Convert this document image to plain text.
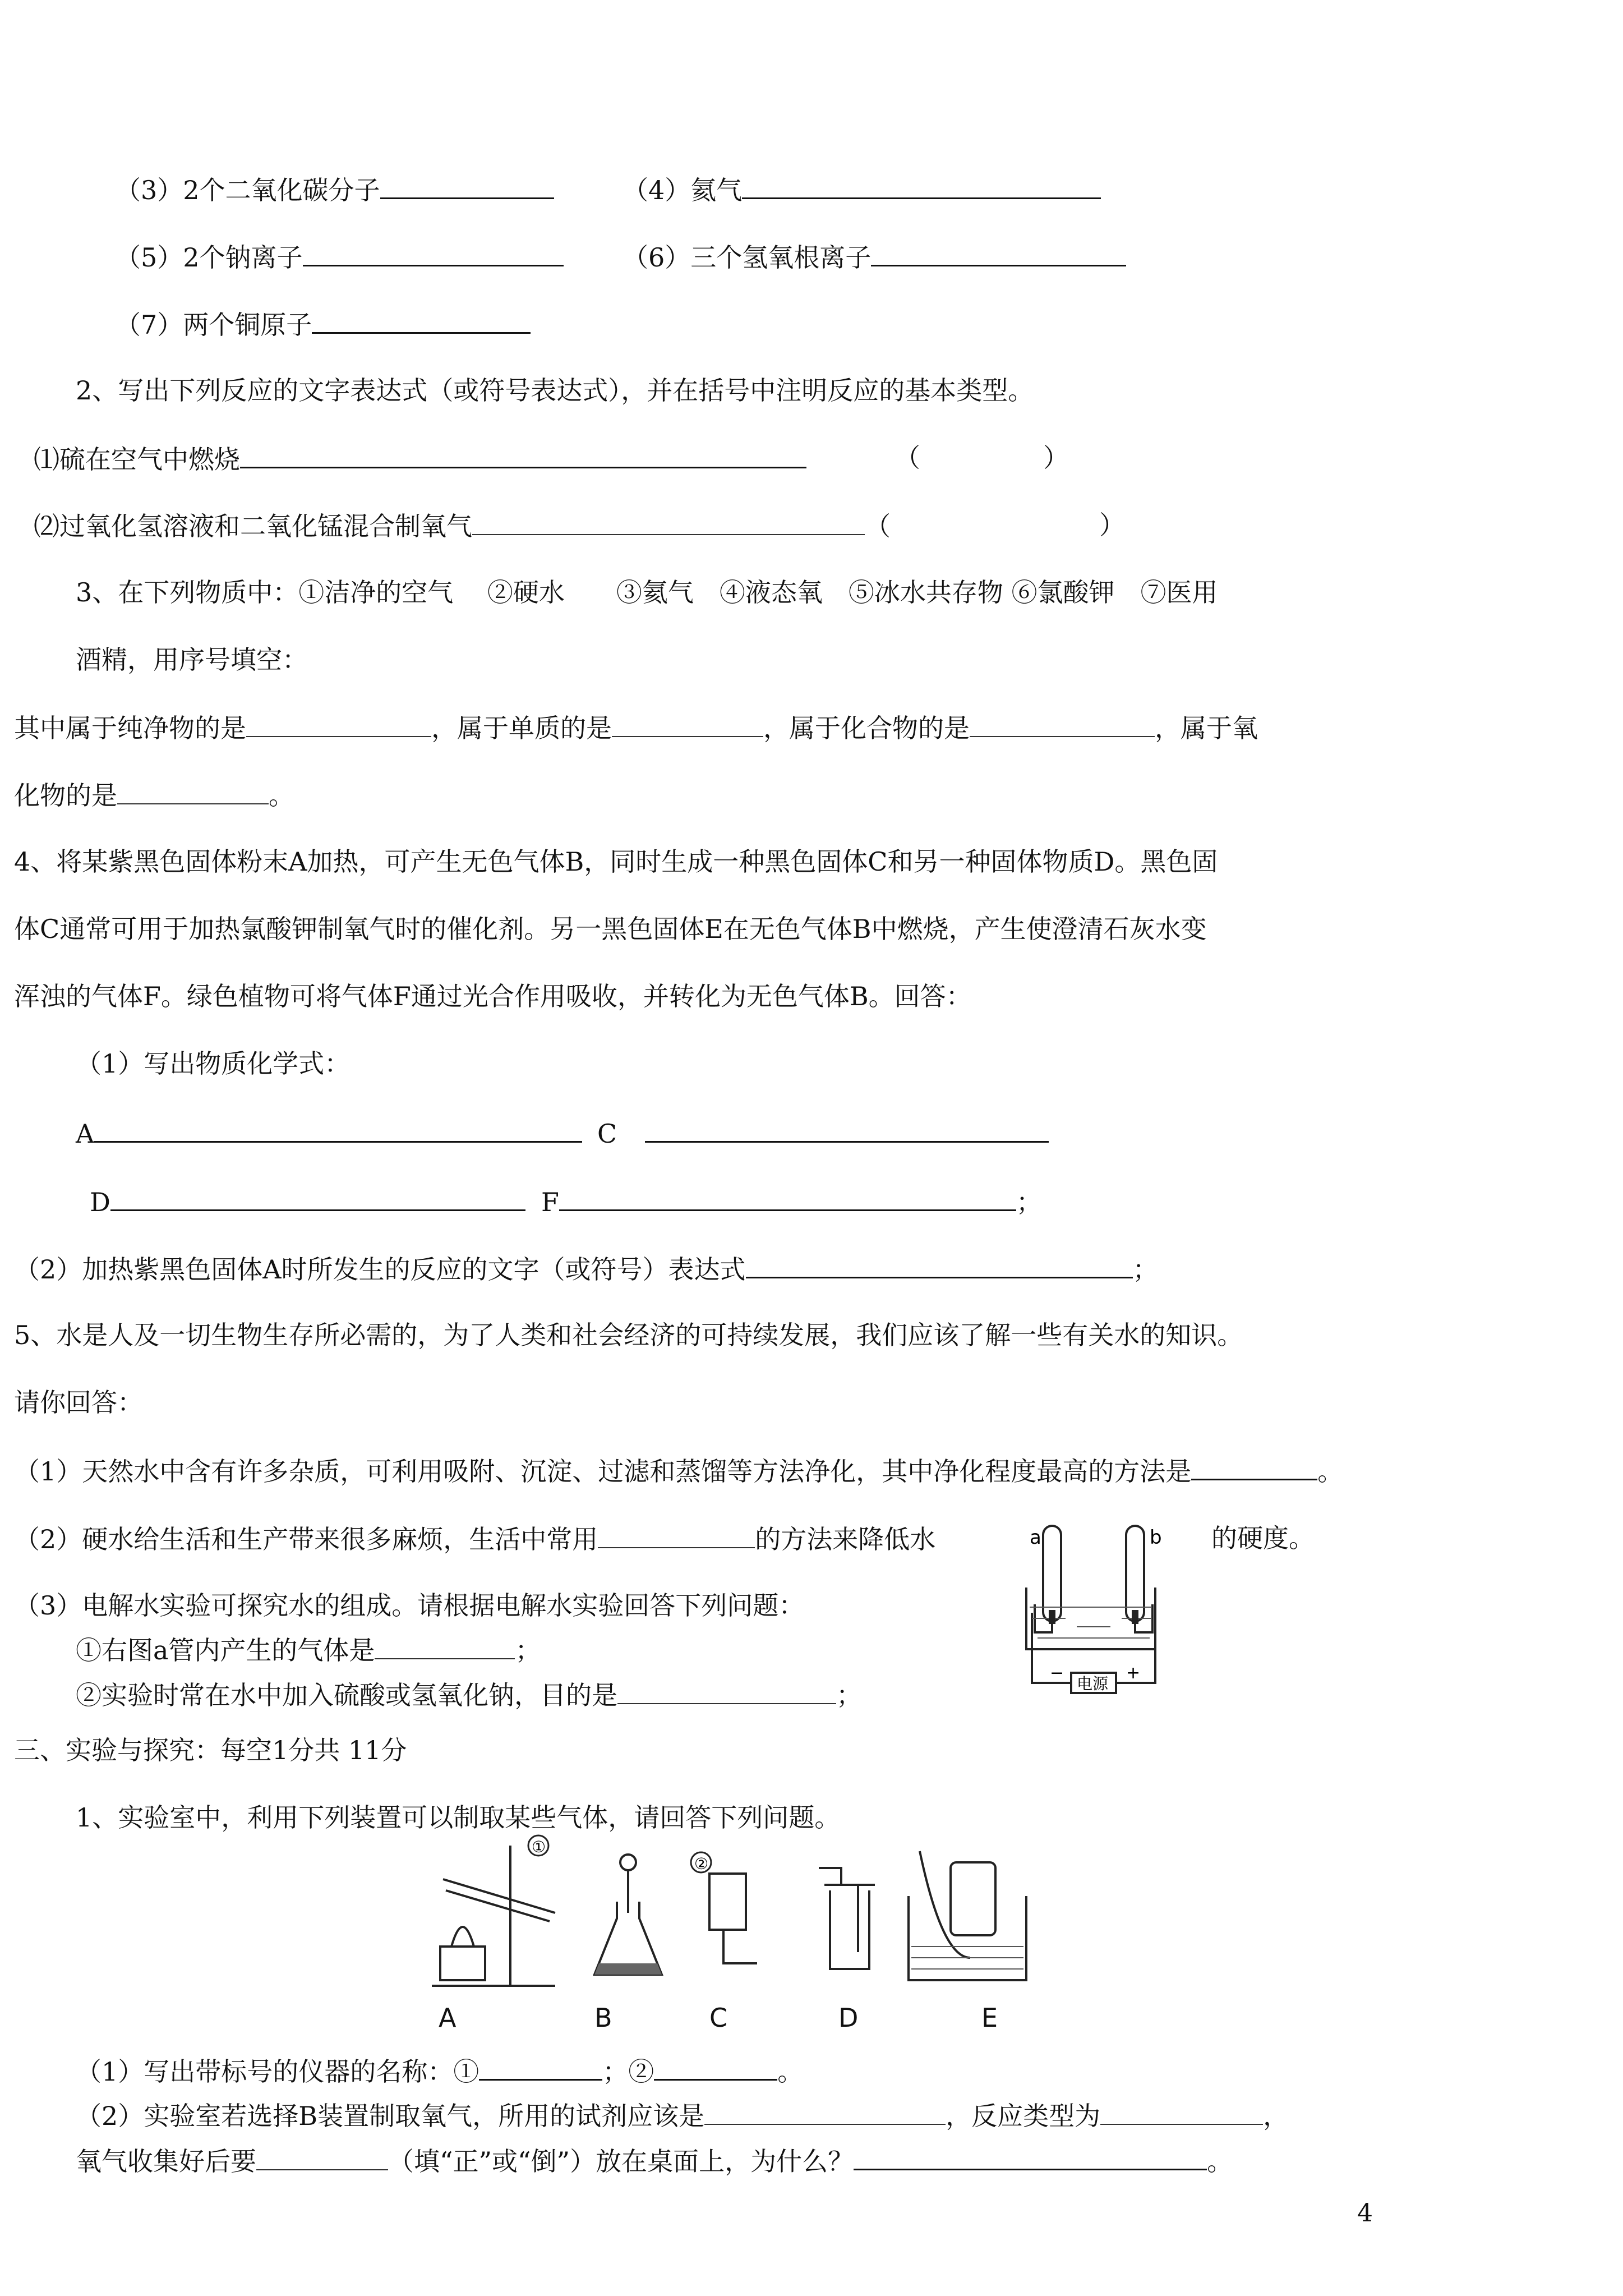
（3）2个二氧化碳分子	（4）氦气
（5）2个钠离子	（6）三个氢氧根离子
（7）两个铜原子
2、写出下列反应的文字表达式（或符号表达式），并在括号中注明反应的基本类型。
⑴硫在空气中燃烧	（	）
⑵过氧化氢溶液和二氧化锰混合制氧气	（	）
3、在下列物质中：①洁净的空气　 ②硬水　　③氦气　④液态氧　⑤冰水共存物 ⑥氯酸钾　⑦医用
酒精，用序号填空：
其中属于纯净物的是	，属于单质的是	，属于化合物的是	，属于氧
化物的是	。
4、将某紫黑色固体粉末A加热，可产生无色气体B，同时生成一种黑色固体C和另一种固体物质D。黑色固
体C通常可用于加热氯酸钾制氧气时的催化剂。另一黑色固体E在无色气体B中燃烧，产生使澄清石灰水变
浑浊的气体F。绿色植物可将气体F通过光合作用吸收，并转化为无色气体B。回答：
（1）写出物质化学式：
A	C
D	F	；
（2）加热紫黑色固体A时所发生的反应的文字（或符号）表达式	；
5、水是人及一切生物生存所必需的，为了人类和社会经济的可持续发展，我们应该了解一些有关水的知识。
请你回答：
（1）天然水中含有许多杂质，可利用吸附、沉淀、过滤和蒸馏等方法净化，其中净化程度最高的方法是	。
（2）硬水给生活和生产带来很多麻烦，生活中常用	的方法来降低水	的硬度。
（3）电解水实验可探究水的组成。请根据电解水实验回答下列问题：
①右图a管内产生的气体是	；
②实验时常在水中加入硫酸或氢氧化钠，目的是	；
a	b
电源
−	+
三、实验与探究：每空1分共 11分
1、实验室中，利用下列装置可以制取某些气体，请回答下列问题。
①
②
A	B	C	D	E
（1）写出带标号的仪器的名称：①	；②	。
（2）实验室若选择B装置制取氧气，所用的试剂应该是	，反应类型为	，
氧气收集好后要	（填“正”或“倒”）放在桌面上，为什么？	。
4
